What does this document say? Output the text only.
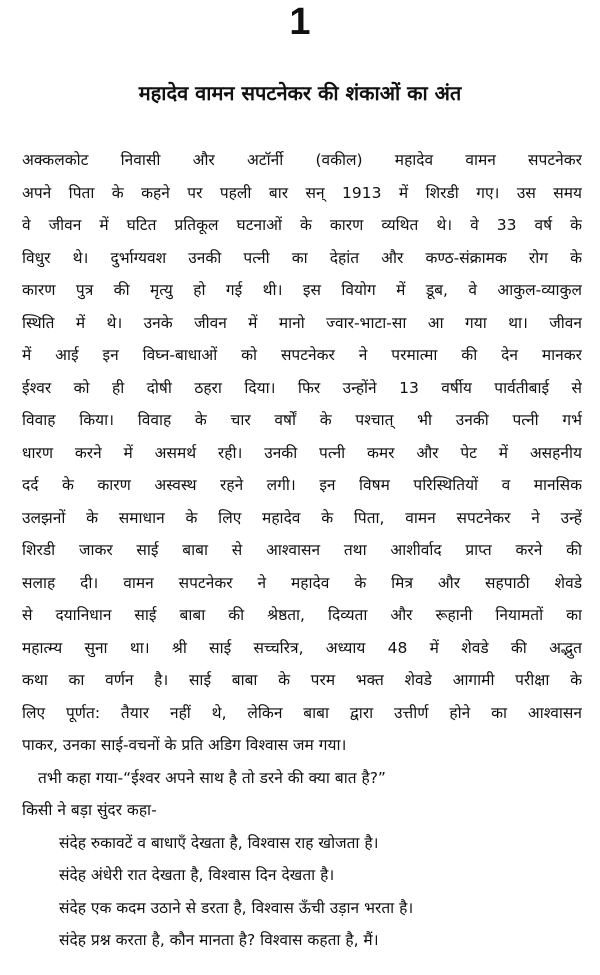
1
महादेव वामन सपटनेकर की शंकाओं का अंत
अक्कलकोट निवासी और अटॉर्नी (वकील) महादेव वामन सपटनेकर
अपने पिता के कहने पर पहली बार सन् 1913 में शिरडी गए। उस समय
वे जीवन में घटित प्रतिकूल घटनाओं के कारण व्यथित थे। वे 33 वर्ष के
विधुर थे। दुर्भाग्यवश उनकी पत्नी का देहांत और कण्ठ-संक्रामक रोग के
कारण पुत्र की मृत्यु हो गई थी। इस वियोग में डूब, वे आकुल-व्याकुल
स्थिति में थे। उनके जीवन में मानो ज्वार-भाटा-सा आ गया था। जीवन
में आई इन विघ्न-बाधाओं को सपटनेकर ने परमात्मा की देन मानकर
ईश्वर को ही दोषी ठहरा दिया। फिर उन्होंने 13 वर्षीय पार्वतीबाई से
विवाह किया। विवाह के चार वर्षों के पश्चात् भी उनकी पत्नी गर्भ
धारण करने में असमर्थ रही। उनकी पत्नी कमर और पेट में असहनीय
दर्द के कारण अस्वस्थ रहने लगी। इन विषम परिस्थितियों व मानसिक
उलझनों के समाधान के लिए महादेव के पिता, वामन सपटनेकर ने उन्हें
शिरडी जाकर साई बाबा से आश्वासन तथा आशीर्वाद प्राप्त करने की
सलाह दी। वामन सपटनेकर ने महादेव के मित्र और सहपाठी शेवडे
से दयानिधान साई बाबा की श्रेष्ठता, दिव्यता और रूहानी नियामतों का
महात्म्य सुना था। श्री साई सच्चरित्र, अध्याय 48 में शेवडे की अद्भुत
कथा का वर्णन है। साई बाबा के परम भक्त शेवडे आगामी परीक्षा के
लिए पूर्णत: तैयार नहीं थे, लेकिन बाबा द्वारा उत्तीर्ण होने का आश्वासन
पाकर, उनका साई-वचनों के प्रति अडिग विश्वास जम गया।
तभी कहा गया-“ईश्वर अपने साथ है तो डरने की क्या बात है?”
किसी ने बड़ा सुंदर कहा-
संदेह रुकावटें व बाधाएँ देखता है, विश्वास राह खोजता है।
संदेह अंधेरी रात देखता है, विश्वास दिन देखता है।
संदेह एक कदम उठाने से डरता है, विश्वास ऊँची उड़ान भरता है।
संदेह प्रश्न करता है, कौन मानता है? विश्वास कहता है, मैं।
